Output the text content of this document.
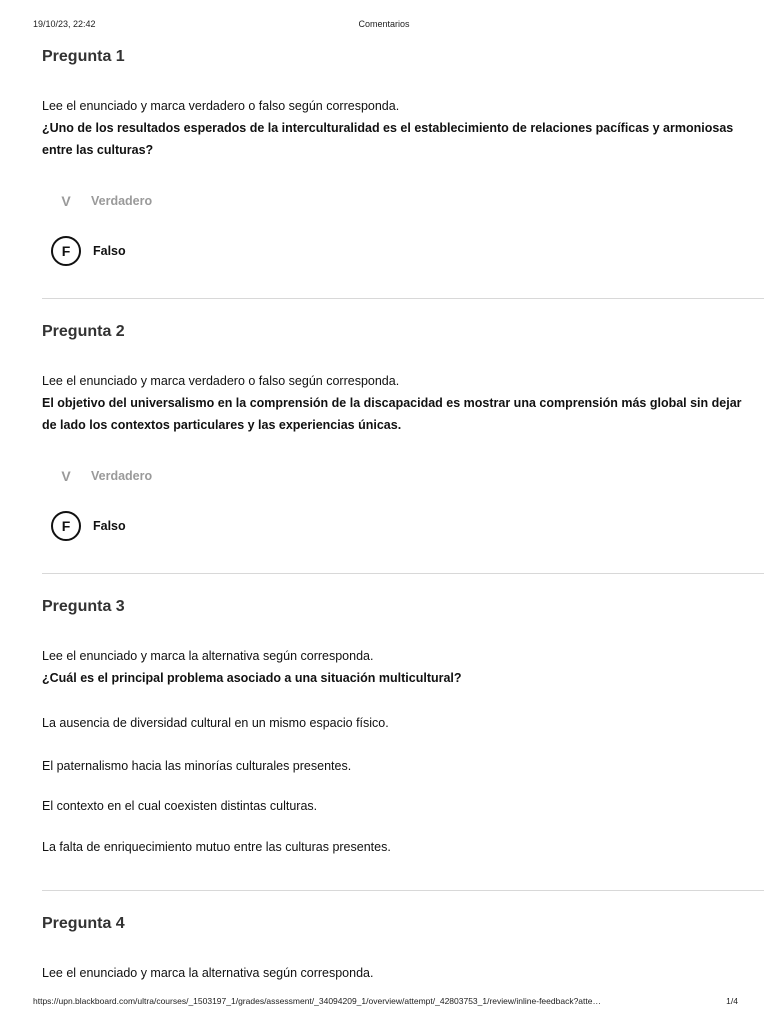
19/10/23, 22:42	Comentarios
Pregunta 1
Lee el enunciado y marca verdadero o falso según corresponda.
¿Uno de los resultados esperados de la interculturalidad es el establecimiento de relaciones pacíficas y armoniosas entre las culturas?
V	Verdadero
F	Falso
Pregunta 2
Lee el enunciado y marca verdadero o falso según corresponda.
El objetivo del universalismo en la comprensión de la discapacidad es mostrar una comprensión más global sin dejar de lado los contextos particulares y las experiencias únicas.
V	Verdadero
F	Falso
Pregunta 3
Lee el enunciado y marca la alternativa según corresponda.
¿Cuál es el principal problema asociado a una situación multicultural?
La ausencia de diversidad cultural en un mismo espacio físico.
El paternalismo hacia las minorías culturales presentes.
El contexto en el cual coexisten distintas culturas.
La falta de enriquecimiento mutuo entre las culturas presentes.
Pregunta 4
Lee el enunciado y marca la alternativa según corresponda.
https://upn.blackboard.com/ultra/courses/_1503197_1/grades/assessment/_34094209_1/overview/attempt/_42803753_1/review/inline-feedback?atte…	1/4
